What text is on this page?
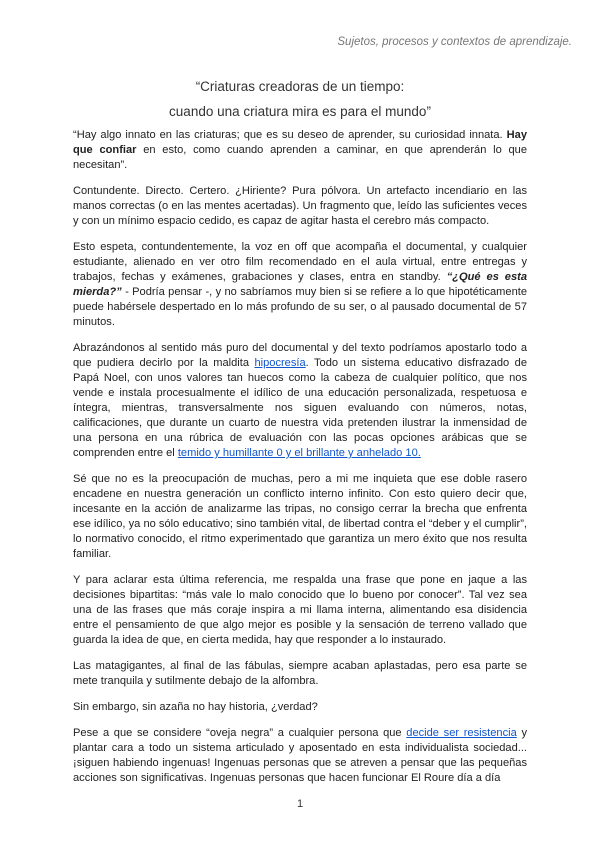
Sujetos, procesos y contextos de aprendizaje.
“Criaturas creadoras de un tiempo:
cuando una criatura mira es para el mundo”

“Hay algo innato en las criaturas; que es su deseo de aprender, su curiosidad innata. Hay que confiar en esto, como cuando aprenden a caminar, en que aprenderán lo que necesitan”.

Contundente. Directo. Certero. ¿Hiriente? Pura pólvora. Un artefacto incendiario en las manos correctas (o en las mentes acertadas). Un fragmento que, leído las suficientes veces y con un mínimo espacio cedido, es capaz de agitar hasta el cerebro más compacto.

Esto espeta, contundentemente, la voz en off que acompaña el documental, y cualquier estudiante, alienado en ver otro film recomendado en el aula virtual, entre entregas y trabajos, fechas y exámenes, grabaciones y clases, entra en standby. “¿Qué es esta mierda?” - Podría pensar -, y no sabríamos muy bien si se refiere a lo que hipotéticamente puede habérsele despertado en lo más profundo de su ser, o al pausado documental de 57 minutos.

Abrazándonos al sentido más puro del documental y del texto podríamos apostarlo todo a que pudiera decirlo por la maldita hipocresía. Todo un sistema educativo disfrazado de Papá Noel, con unos valores tan huecos como la cabeza de cualquier político, que nos vende e instala procesualmente el idílico de una educación personalizada, respetuosa e íntegra, mientras, transversalmente nos siguen evaluando con números, notas, calificaciones, que durante un cuarto de nuestra vida pretenden ilustrar la inmensidad de una persona en una rúbrica de evaluación con las pocas opciones arábicas que se comprenden entre el temido y humillante 0 y el brillante y anhelado 10.

Sé que no es la preocupación de muchas, pero a mi me inquieta que ese doble rasero encadene en nuestra generación un conflicto interno infinito. Con esto quiero decir que, incesante en la acción de analizarme las tripas, no consigo cerrar la brecha que enfrenta ese idílico, ya no sólo educativo; sino también vital, de libertad contra el “deber y el cumplir”, lo normativo conocido, el ritmo experimentado que garantiza un mero éxito que nos resulta familiar.

Y para aclarar esta última referencia, me respalda una frase que pone en jaque a las decisiones bipartitas: “más vale lo malo conocido que lo bueno por conocer”. Tal vez sea una de las frases que más coraje inspira a mi llama interna, alimentando esa disidencia entre el pensamiento de que algo mejor es posible y la sensación de terreno vallado que guarda la idea de que, en cierta medida, hay que responder a lo instaurado.

Las matagigantes, al final de las fábulas, siempre acaban aplastadas, pero esa parte se mete tranquila y sutilmente debajo de la alfombra.

Sin embargo, sin azaña no hay historia, ¿verdad?

Pese a que se considere “oveja negra” a cualquier persona que decide ser resistencia y plantar cara a todo un sistema articulado y aposentado en esta individualista sociedad... ¡siguen habiendo ingenuas! Ingenuas personas que se atreven a pensar que las pequeñas acciones son significativas. Ingenuas personas que hacen funcionar El Roure día a día

1
